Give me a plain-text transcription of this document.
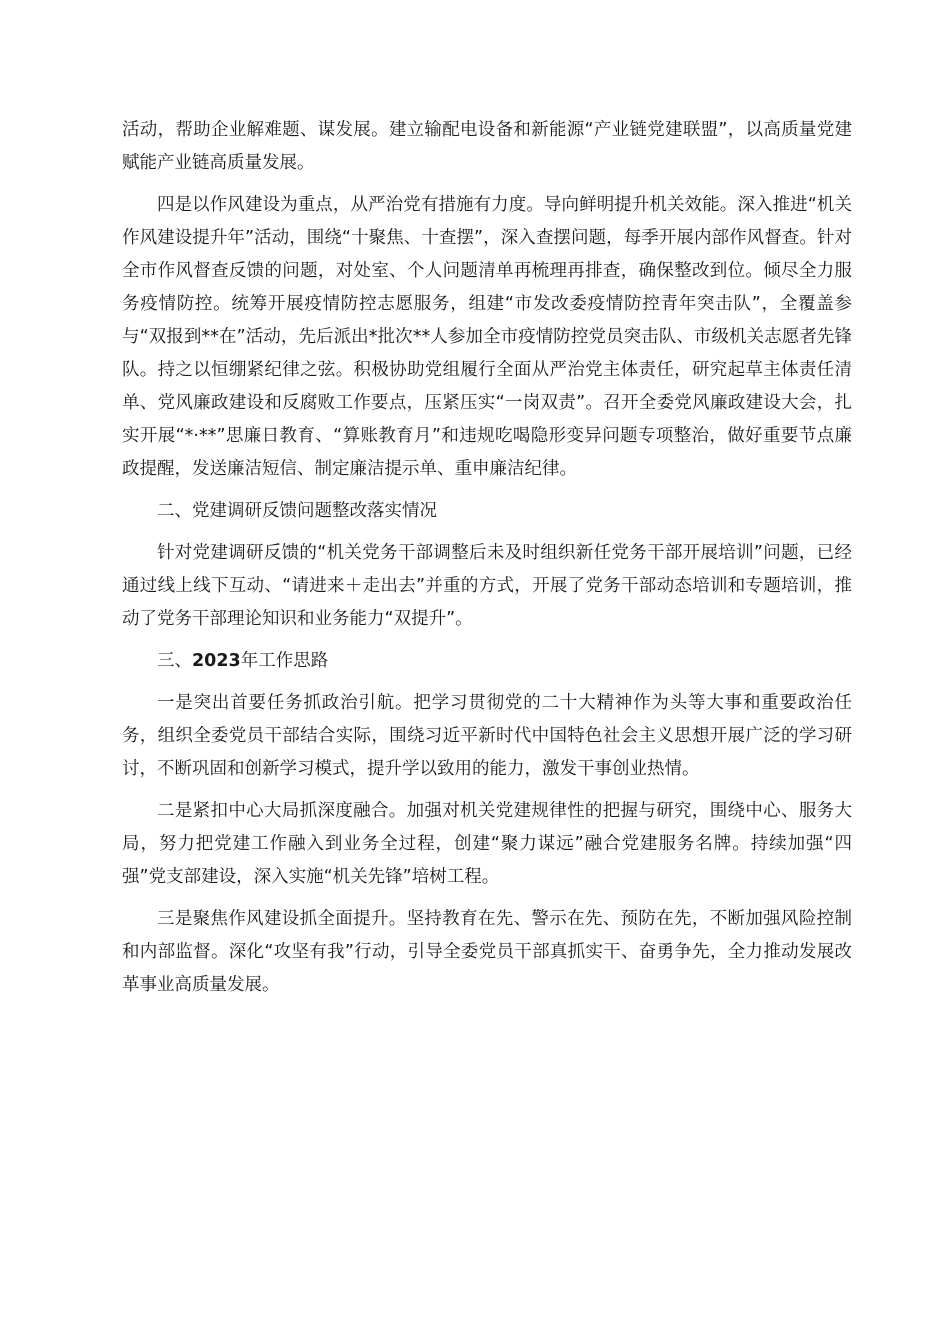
活动，帮助企业解难题、谋发展。建立输配电设备和新能源“产业链党建联盟”，以高质量党建赋能产业链高质量发展。

四是以作风建设为重点，从严治党有措施有力度。导向鲜明提升机关效能。深入推进“机关作风建设提升年”活动，围绕“十聚焦、十查摆”，深入查摆问题，每季开展内部作风督查。针对全市作风督查反馈的问题，对处室、个人问题清单再梳理再排查，确保整改到位。倾尽全力服务疫情防控。统筹开展疫情防控志愿服务，组建“市发改委疫情防控青年突击队”，全覆盖参与“双报到**在”活动，先后派出*批次**人参加全市疫情防控党员突击队、市级机关志愿者先锋队。持之以恒绷紧纪律之弦。积极协助党组履行全面从严治党主体责任，研究起草主体责任清单、党风廉政建设和反腐败工作要点，压紧压实“一岗双责”。召开全委党风廉政建设大会，扎实开展“*·**”思廉日教育、“算账教育月”和违规吃喝隐形变异问题专项整治，做好重要节点廉政提醒，发送廉洁短信、制定廉洁提示单、重申廉洁纪律。

二、党建调研反馈问题整改落实情况

针对党建调研反馈的“机关党务干部调整后未及时组织新任党务干部开展培训”问题，已经通过线上线下互动、“请进来＋走出去”并重的方式，开展了党务干部动态培训和专题培训，推动了党务干部理论知识和业务能力“双提升”。

三、2023年工作思路

一是突出首要任务抓政治引航。把学习贯彻党的二十大精神作为头等大事和重要政治任务，组织全委党员干部结合实际，围绕习近平新时代中国特色社会主义思想开展广泛的学习研讨，不断巩固和创新学习模式，提升学以致用的能力，激发干事创业热情。

二是紧扣中心大局抓深度融合。加强对机关党建规律性的把握与研究，围绕中心、服务大局，努力把党建工作融入到业务全过程，创建“聚力谋远”融合党建服务名牌。持续加强“四强”党支部建设，深入实施“机关先锋”培树工程。

三是聚焦作风建设抓全面提升。坚持教育在先、警示在先、预防在先，不断加强风险控制和内部监督。深化“攻坚有我”行动，引导全委党员干部真抓实干、奋勇争先，全力推动发展改革事业高质量发展。
